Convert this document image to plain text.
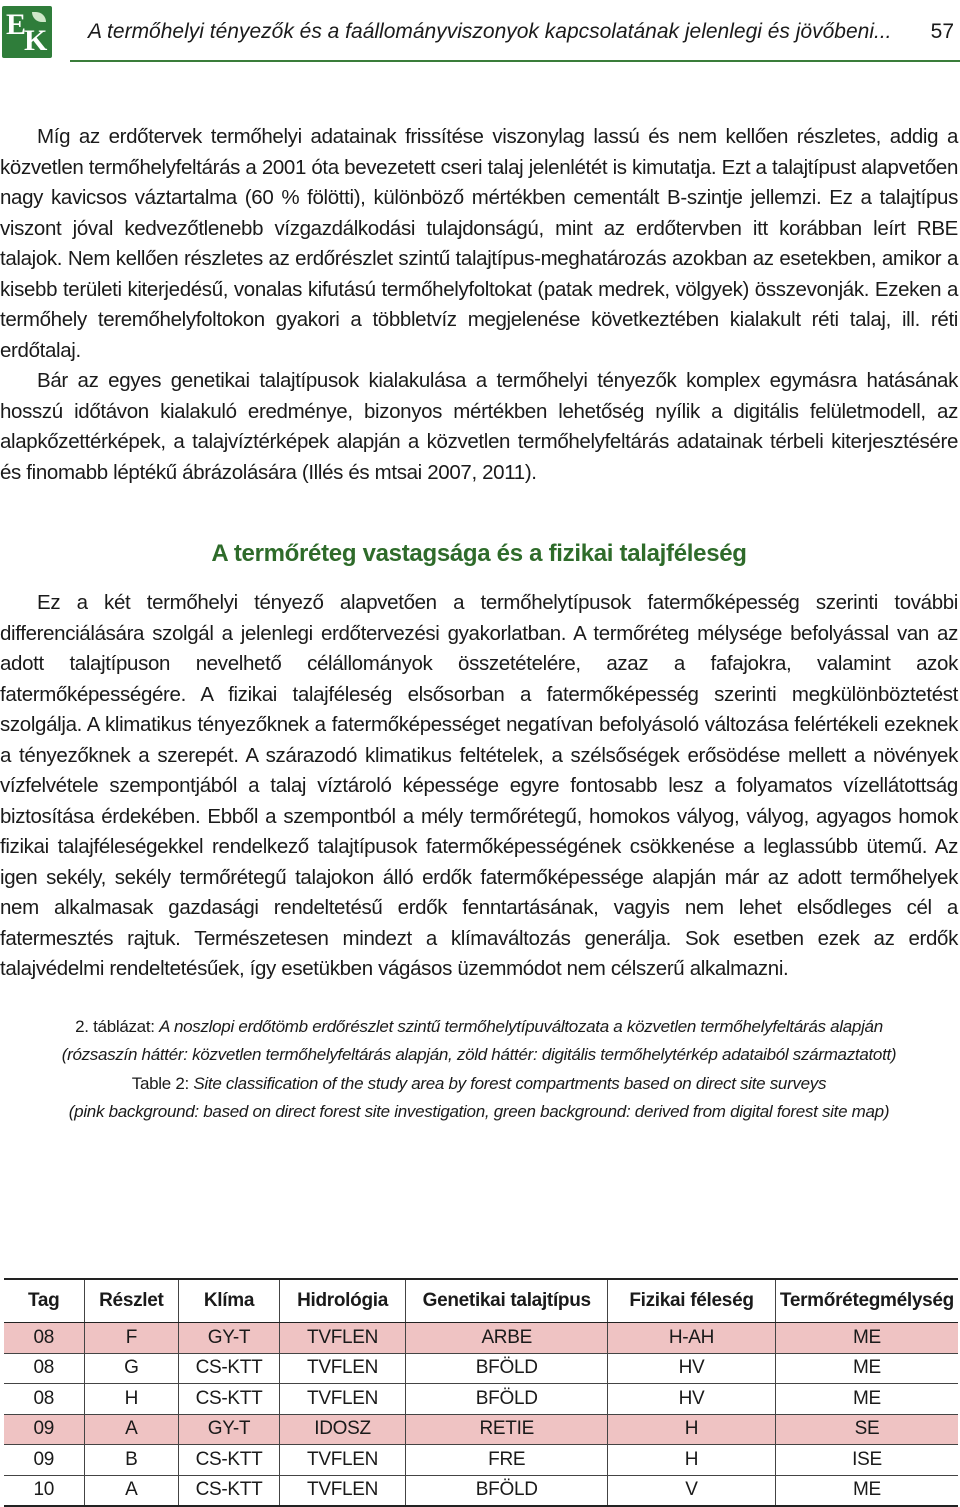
E
K A termőhelyi tényezők és a faállományviszonyok kapcsolatának jelenlegi és jövőbeni... 57

Míg az erdőtervek termőhelyi adatainak frissítése viszonylag lassú és nem kellően részletes, addig a közvetlen termőhelyfeltárás a 2001 óta bevezetett cseri talaj jelenlétét is kimutatja. Ezt a talajtípust alapvetően nagy kavicsos váztartalma (60 % fölötti), különböző mértékben cementált B-szintje jellemzi. Ez a talajtípus viszont jóval kedvezőtlenebb vízgazdálkodási tulajdonságú, mint az erdőtervben itt korábban leírt RBE talajok. Nem kellően részletes az erdőrészlet szintű talajtípus-meghatározás azokban az esetekben, amikor a kisebb területi kiterjedésű, vonalas kifutású termőhelyfoltokat (patak medrek, völgyek) összevonják. Ezeken a termőhely teremőhelyfoltokon gyakori a többletvíz megjelenése következtében kialakult réti talaj, ill. réti erdőtalaj.

Bár az egyes genetikai talajtípusok kialakulása a termőhelyi tényezők komplex egymásra hatásának hosszú időtávon kialakuló eredménye, bizonyos mértékben lehetőség nyílik a digitális felületmodell, az alapkőzettérképek, a talajvíztérképek alapján a közvetlen termőhelyfeltárás adatainak térbeli kiterjesztésére és finomabb léptékű ábrázolására (Illés és mtsai 2007, 2011).

A termőréteg vastagsága és a fizikai talajféleség

Ez a két termőhelyi tényező alapvetően a termőhelytípusok fatermőképesség szerinti további differenciálására szolgál a jelenlegi erdőtervezési gyakorlatban. A termőréteg mélysége befolyással van az adott talajtípuson nevelhető célállományok összetételére, azaz a fafajokra, valamint azok fatermőképességére. A fizikai talajféleség elsősorban a fatermőképesség szerinti megkülönböztetést szolgálja. A klimatikus tényezőknek a fatermőképességet negatívan befolyásoló változása felértékeli ezeknek a tényezőknek a szerepét. A szárazodó klimatikus feltételek, a szélsőségek erősödése mellett a növények vízfelvétele szempontjából a talaj víztároló képessége egyre fontosabb lesz a folyamatos vízellátottság biztosítása érdekében. Ebből a szempontból a mély termőrétegű, homokos vályog, vályog, agyagos homok fizikai talajféleségekkel rendelkező talajtípusok fatermőképességének csökkenése a leglassúbb ütemű. Az igen sekély, sekély termőrétegű talajokon álló erdők fatermőképessége alapján már az adott termőhelyek nem alkalmasak gazdasági rendeltetésű erdők fenntartásának, vagyis nem lehet elsődleges cél a fatermesztés rajtuk. Természetesen mindezt a klímaváltozás generálja. Sok esetben ezek az erdők talajvédelmi rendeltetésűek, így esetükben vágásos üzemmódot nem célszerű alkalmazni.

2. táblázat: A noszlopi erdőtömb erdőrészlet szintű termőhelytípuváltozata a közvetlen termőhelyfeltárás alapján
(rózsaszín háttér: közvetlen termőhelyfeltárás alapján, zöld háttér: digitális termőhelytérkép adataiból származtatott)
Table 2: Site classification of the study area by forest compartments based on direct site surveys
(pink background: based on direct forest site investigation, green background: derived from digital forest site map)
Tag	Részlet	Klíma	Hidrológia	Genetikai talajtípus	Fizikai féleség	Termőrétegmélység
08	F	GY-T	TVFLEN	ARBE	H-AH	ME
08	G	CS-KTT	TVFLEN	BFÖLD	HV	ME
08	H	CS-KTT	TVFLEN	BFÖLD	HV	ME
09	A	GY-T	IDOSZ	RETIE	H	SE
09	B	CS-KTT	TVFLEN	FRE	H	ISE
10	A	CS-KTT	TVFLEN	BFÖLD	V	ME
